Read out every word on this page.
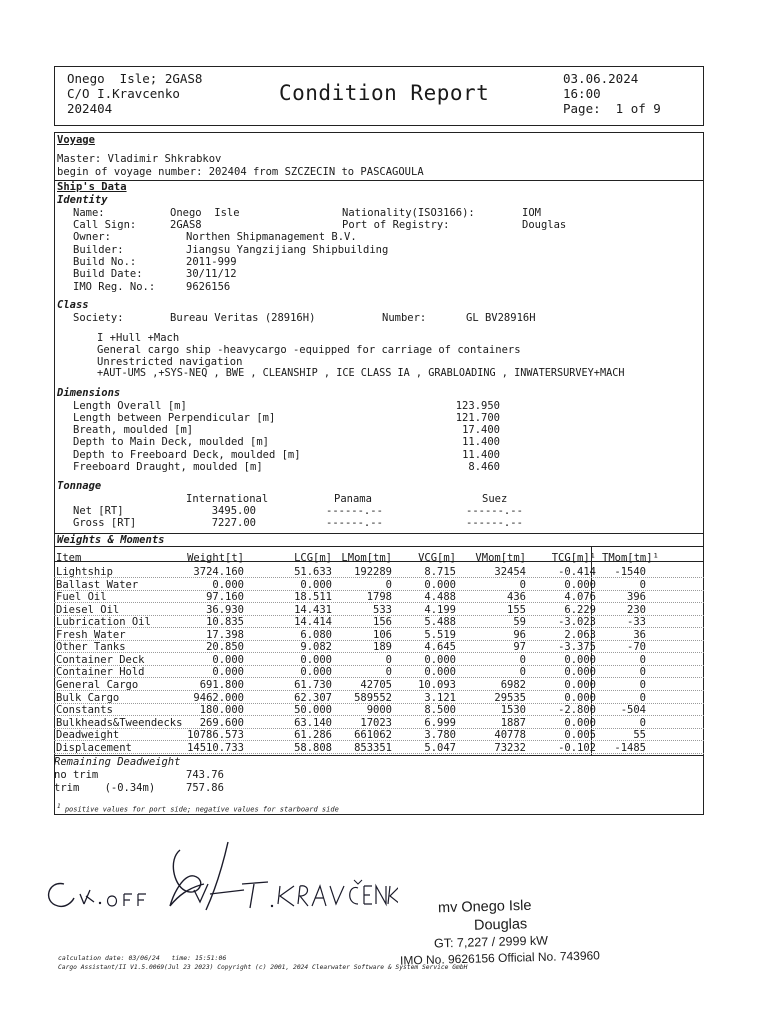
Onego  Isle; 2GAS8
C/O I.Kravcenko
202404
Condition Report
03.06.2024
16:00
Page:  1 of 9
Voyage
Master: Vladimir Shkrabkov
begin of voyage number: 202404 from SZCZECIN to PASCAGOULA
Ship's Data
Identity
Name:	Onego  Isle
Call Sign:	2GAS8
Owner:	Northen Shipmanagement B.V.
Builder:	Jiangsu Yangzijiang Shipbuilding
Build No.:	2011-999
Build Date:	30/11/12
IMO Reg. No.:	9626156
Nationality(ISO3166):	IOM
Port of Registry:	Douglas
Class
Society:	Bureau Veritas (28916H)	Number:	GL BV28916H
I +Hull +Mach
General cargo ship -heavycargo -equipped for carriage of containers
Unrestricted navigation
+AUT-UMS ,+SYS-NEQ , BWE , CLEANSHIP , ICE CLASS IA , GRABLOADING , INWATERSURVEY+MACH
Dimensions
Length Overall [m]	123.950
Length between Perpendicular [m]	121.700
Breath, moulded [m]	17.400
Depth to Main Deck, moulded [m]	11.400
Depth to Freeboard Deck, moulded [m]	11.400
Freeboard Draught, moulded [m]	8.460
Tonnage
International	Panama	Suez
Net [RT]	3495.00	------.--	------.--
Gross [RT]	7227.00	------.--	------.--
Weights & Moments
Item	Weight[t]	LCG[m] LMom[tm]	VCG[m]	VMom[tm]	TCG[m]¹ TMom[tm]¹
Lightship	3724.160	51.633	192289	8.715	32454	-0.414	-1540
Ballast Water	0.000	0.000	0	0.000	0	0.000	0
Fuel Oil	97.160	18.511	1798	4.488	436	4.076	396
Diesel Oil	36.930	14.431	533	4.199	155	6.229	230
Lubrication Oil	10.835	14.414	156	5.488	59	-3.023	-33
Fresh Water	17.398	6.080	106	5.519	96	2.063	36
Other Tanks	20.850	9.082	189	4.645	97	-3.375	-70
Container Deck	0.000	0.000	0	0.000	0	0.000	0
Container Hold	0.000	0.000	0	0.000	0	0.000	0
General Cargo	691.800	61.730	42705	10.093	6982	0.000	0
Bulk Cargo	9462.000	62.307	589552	3.121	29535	0.000	0
Constants	180.000	50.000	9000	8.500	1530	-2.800	-504
Bulkheads&Tweendecks	269.600	63.140	17023	6.999	1887	0.000	0
Deadweight	10786.573	61.286	661062	3.780	40778	0.005	55
Displacement	14510.733	58.808	853351	5.047	73232	-0.102	-1485
Remaining Deadweight
no trim	743.76
trim    (-0.34m)	757.86
1 positive values for port side; negative values for starboard side
mv Onego Isle
Douglas
GT: 7,227 / 2999 kW
IMO No. 9626156 Official No. 743960
calculation date: 03/06/24   time: 15:51:06
Cargo Assistant/II V1.5.0069(Jul 23 2023) Copyright (c) 2001, 2024 Clearwater Software & System Service GmbH
